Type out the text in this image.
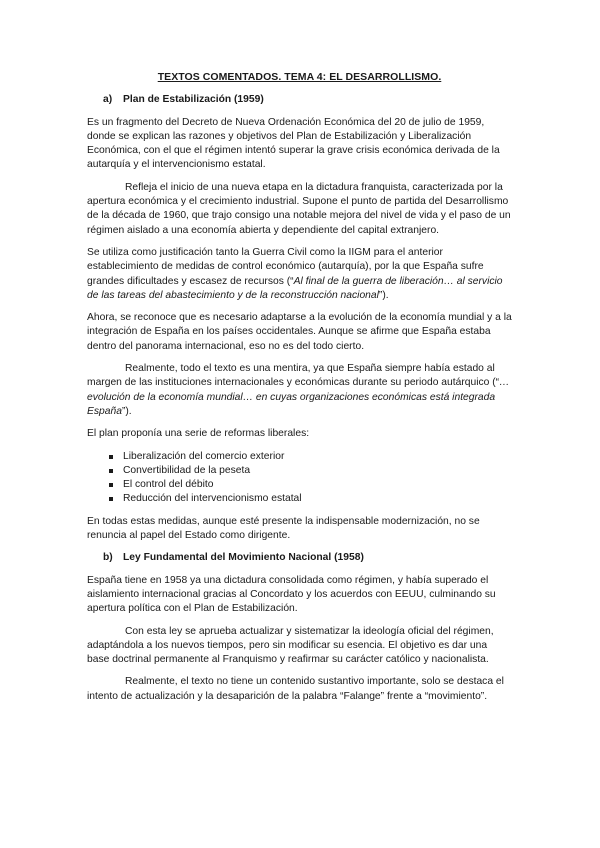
TEXTOS COMENTADOS. TEMA 4: EL DESARROLLISMO.
a)	Plan de Estabilización (1959)

Es un fragmento del Decreto de Nueva Ordenación Económica del 20 de julio de 1959, donde se explican las razones y objetivos del Plan de Estabilización y Liberalización Económica, con el que el régimen intentó superar la grave crisis económica derivada de la autarquía y el intervencionismo estatal.

Refleja el inicio de una nueva etapa en la dictadura franquista, caracterizada por la apertura económica y el crecimiento industrial. Supone el punto de partida del Desarrollismo de la década de 1960, que trajo consigo una notable mejora del nivel de vida y el paso de un régimen aislado a una economía abierta y dependiente del capital extranjero.

Se utiliza como justificación tanto la Guerra Civil como la IIGM para el anterior establecimiento de medidas de control económico (autarquía), por la que España sufre grandes dificultades y escasez de recursos (“Al final de la guerra de liberación… al servicio de las tareas del abastecimiento y de la reconstrucción nacional”).

Ahora, se reconoce que es necesario adaptarse a la evolución de la economía mundial y a la integración de España en los países occidentales. Aunque se afirme que España estaba dentro del panorama internacional, eso no es del todo cierto.

Realmente, todo el texto es una mentira, ya que España siempre había estado al margen de las instituciones internacionales y económicas durante su periodo autárquico (“…evolución de la economía mundial… en cuyas organizaciones económicas está integrada España”).

El plan proponía una serie de reformas liberales:

Liberalización del comercio exterior
Convertibilidad de la peseta
El control del débito
Reducción del intervencionismo estatal

En todas estas medidas, aunque esté presente la indispensable modernización, no se renuncia al papel del Estado como dirigente.

b) Ley Fundamental del Movimiento Nacional (1958)

España tiene en 1958 ya una dictadura consolidada como régimen, y había superado el aislamiento internacional gracias al Concordato y los acuerdos con EEUU, culminando su apertura política con el Plan de Estabilización.

Con esta ley se aprueba actualizar y sistematizar la ideología oficial del régimen, adaptándola a los nuevos tiempos, pero sin modificar su esencia. El objetivo es dar una base doctrinal permanente al Franquismo y reafirmar su carácter católico y nacionalista.

Realmente, el texto no tiene un contenido sustantivo importante, solo se destaca el intento de actualización y la desaparición de la palabra “Falange” frente a “movimiento”.
